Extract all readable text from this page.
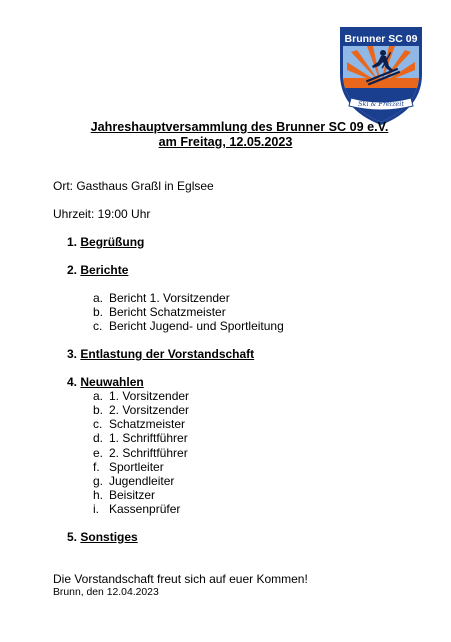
Brunner SC 09
Ski & Freizeit
Jahreshauptversammlung des Brunner SC 09 e.V.
am Freitag, 12.05.2023
Ort: Gasthaus Graßl in Eglsee
Uhrzeit: 19:00 Uhr
1. Begrüßung
2. Berichte
a. Bericht 1. Vorsitzender
b. Bericht Schatzmeister
c. Bericht Jugend- und Sportleitung
3. Entlastung der Vorstandschaft
4. Neuwahlen
a. 1. Vorsitzender
b. 2. Vorsitzender
c. Schatzmeister
d. 1. Schriftführer
e. 2. Schriftführer
f. Sportleiter
g. Jugendleiter
h. Beisitzer
i. Kassenprüfer
5. Sonstiges
Die Vorstandschaft freut sich auf euer Kommen!
Brunn, den 12.04.2023
